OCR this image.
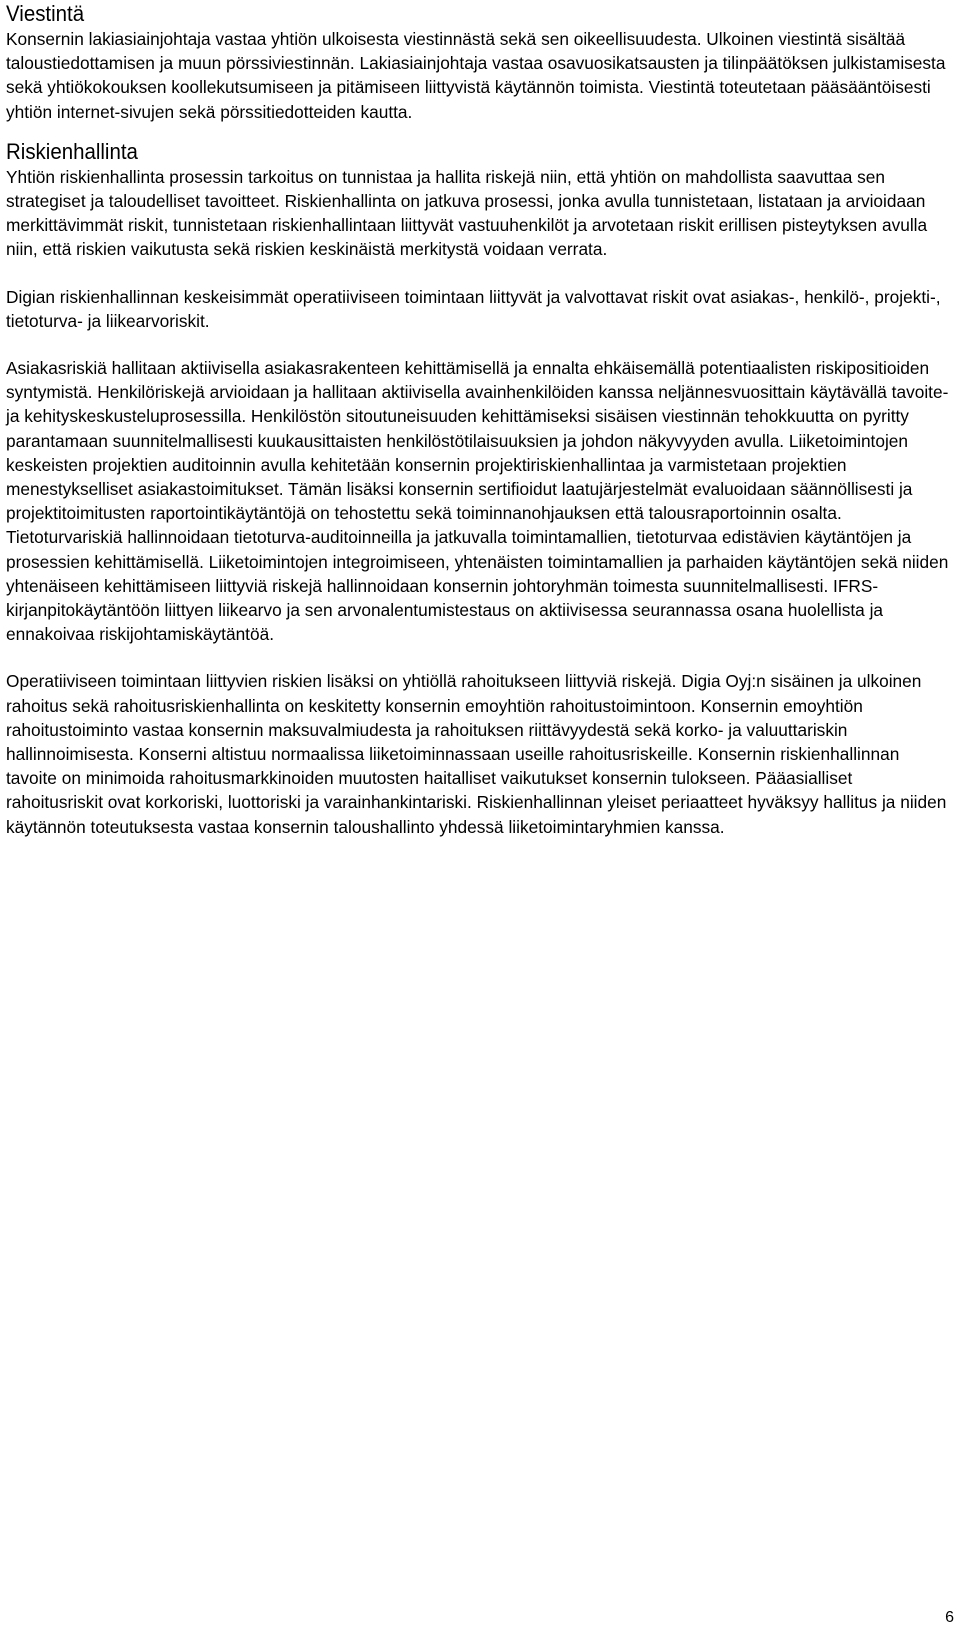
Viestintä

Konsernin lakiasiainjohtaja vastaa yhtiön ulkoisesta viestinnästä sekä sen oikeellisuudesta. Ulkoinen viestintä sisältää taloustiedottamisen ja muun pörssiviestinnän. Lakiasiainjohtaja vastaa osavuosikatsausten ja tilinpäätöksen julkistamisesta sekä yhtiökokouksen koollekutsumiseen ja pitämiseen liittyvistä käytännön toimista. Viestintä toteutetaan pääsääntöisesti yhtiön internet-sivujen sekä pörssitiedotteiden kautta.

Riskienhallinta

Yhtiön riskienhallinta prosessin tarkoitus on tunnistaa ja hallita riskejä niin, että yhtiön on mahdollista saavuttaa sen strategiset ja taloudelliset tavoitteet. Riskienhallinta on jatkuva prosessi, jonka avulla tunnistetaan, listataan ja arvioidaan merkittävimmät riskit, tunnistetaan riskienhallintaan liittyvät vastuuhenkilöt ja arvotetaan riskit erillisen pisteytyksen avulla niin, että riskien vaikutusta sekä riskien keskinäistä merkitystä voidaan verrata.

Digian riskienhallinnan keskeisimmät operatiiviseen toimintaan liittyvät ja valvottavat riskit ovat asiakas-, henkilö-, projekti-, tietoturva- ja liikearvoriskit.

Asiakasriskiä hallitaan aktiivisella asiakasrakenteen kehittämisellä ja ennalta ehkäisemällä potentiaalisten riskipositioiden syntymistä. Henkilöriskejä arvioidaan ja hallitaan aktiivisella avainhenkilöiden kanssa neljännesvuosittain käytävällä tavoite- ja kehityskeskusteluprosessilla. Henkilöstön sitoutuneisuuden kehittämiseksi sisäisen viestinnän tehokkuutta on pyritty parantamaan suunnitelmallisesti kuukausittaisten henkilöstötilaisuuksien ja johdon näkyvyyden avulla. Liiketoimintojen keskeisten projektien auditoinnin avulla kehitetään konsernin projektiriskienhallintaa ja varmistetaan projektien menestykselliset asiakastoimitukset. Tämän lisäksi konsernin sertifioidut laatujärjestelmät evaluoidaan säännöllisesti ja projektitoimitusten raportointikäytäntöjä on tehostettu sekä toiminnanohjauksen että talousraportoinnin osalta. Tietoturvariskiä hallinnoidaan tietoturva-auditoinneilla ja jatkuvalla toimintamallien, tietoturvaa edistävien käytäntöjen ja prosessien kehittämisellä. Liiketoimintojen integroimiseen, yhtenäisten toimintamallien ja parhaiden käytäntöjen sekä niiden yhtenäiseen kehittämiseen liittyviä riskejä hallinnoidaan konsernin johtoryhmän toimesta suunnitelmallisesti. IFRS-kirjanpitokäytäntöön liittyen liikearvo ja sen arvonalentumistestaus on aktiivisessa seurannassa osana huolellista ja ennakoivaa riskijohtamiskäytäntöä.

Operatiiviseen toimintaan liittyvien riskien lisäksi on yhtiöllä rahoitukseen liittyviä riskejä. Digia Oyj:n sisäinen ja ulkoinen rahoitus sekä rahoitusriskienhallinta on keskitetty konsernin emoyhtiön rahoitustoimintoon. Konsernin emoyhtiön rahoitustoiminto vastaa konsernin maksuvalmiudesta ja rahoituksen riittävyydestä sekä korko- ja valuuttariskin hallinnoimisesta. Konserni altistuu normaalissa liiketoiminnassaan useille rahoitusriskeille. Konsernin riskienhallinnan tavoite on minimoida rahoitusmarkkinoiden muutosten haitalliset vaikutukset konsernin tulokseen. Pääasialliset rahoitusriskit ovat korkoriski, luottoriski ja varainhankintariski. Riskienhallinnan yleiset periaatteet hyväksyy hallitus ja niiden käytännön toteutuksesta vastaa konsernin taloushallinto yhdessä liiketoimintaryhmien kanssa.

6
